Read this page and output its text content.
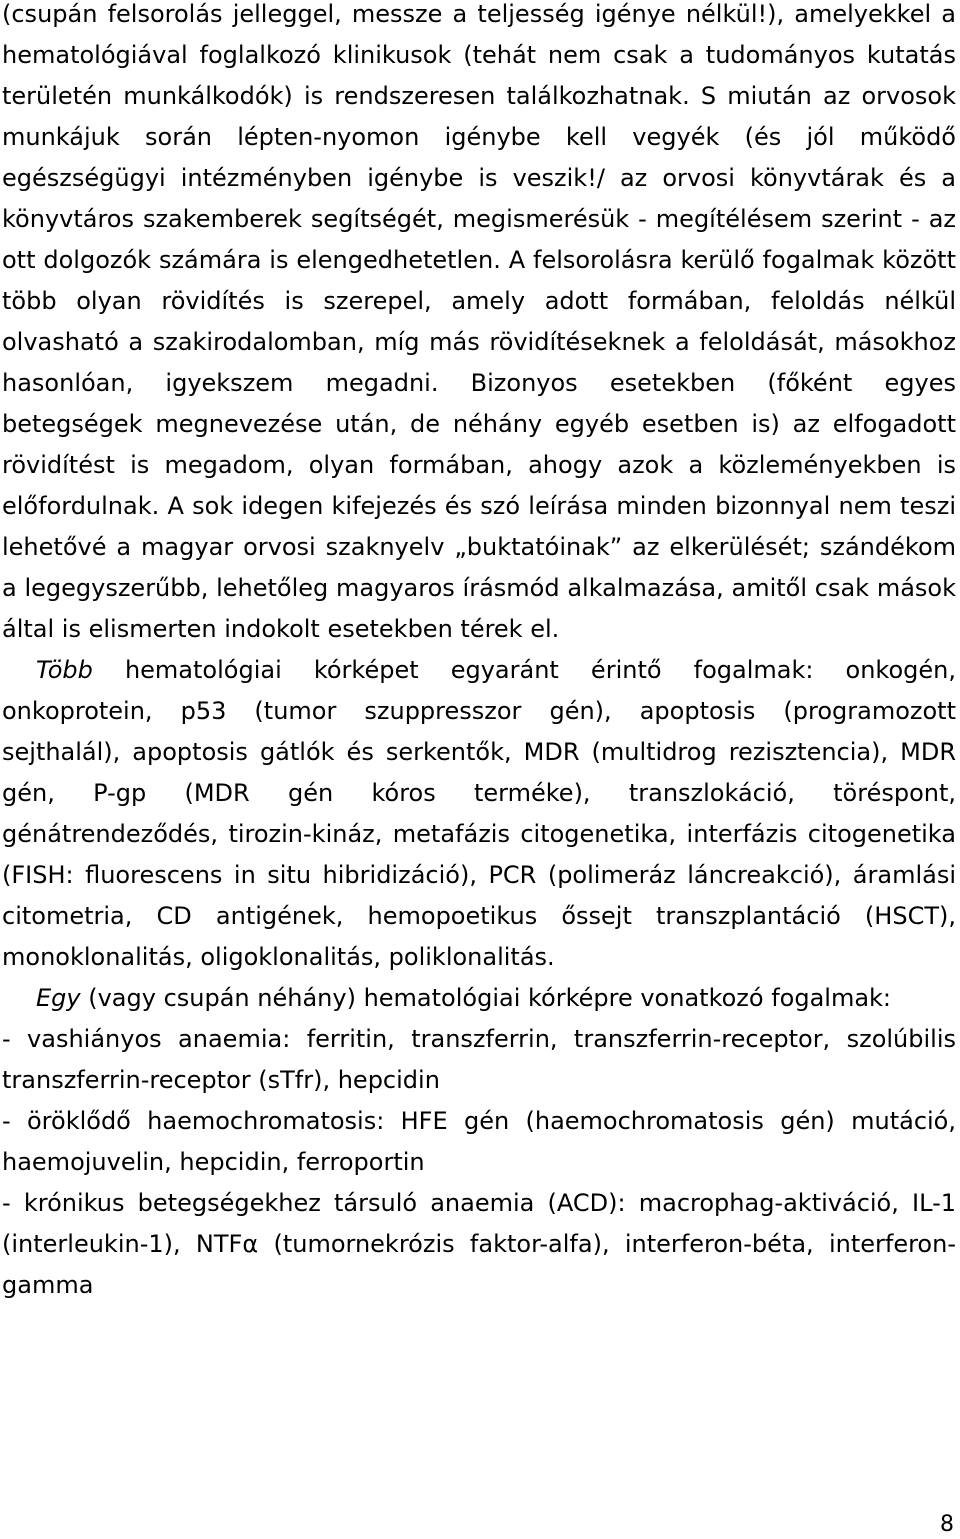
(csupán felsorolás jelleggel, messze a teljesség igénye nélkül!), amelyekkel a hematológiával foglalkozó klinikusok (tehát nem csak a tudományos kutatás területén munkálkodók) is rendszeresen találkozhatnak. S miután az orvosok munkájuk során lépten-nyomon igénybe kell vegyék (és jól működő egészségügyi intézményben igénybe is veszik!/ az orvosi könyvtárak és a könyvtáros szakemberek segítségét, megismerésük - megítélésem szerint - az ott dolgozók számára is elengedhetetlen. A felsorolásra kerülő fogalmak között több olyan rövidítés is szerepel, amely adott formában, feloldás nélkül olvasható a szakirodalomban, míg más rövidítéseknek a feloldását, másokhoz hasonlóan, igyekszem megadni. Bizonyos esetekben (főként egyes betegségek megnevezése után, de néhány egyéb esetben is) az elfogadott rövidítést is megadom, olyan formában, ahogy azok a közleményekben is előfordulnak. A sok idegen kifejezés és szó leírása minden bizonnyal nem teszi lehetővé a magyar orvosi szaknyelv „buktatóinak” az elkerülését; szándékom a legegyszerűbb, lehetőleg magyaros írásmód alkalmazása, amitől csak mások által is elismerten indokolt esetekben térek el.

Több hematológiai kórképet egyaránt érintő fogalmak: onkogén, onkoprotein, p53 (tumor szuppresszor gén), apoptosis (programozott sejthalál), apoptosis gátlók és serkentők, MDR (multidrog rezisztencia), MDR gén, P-gp (MDR gén kóros terméke), transzlokáció, töréspont, génátrendeződés, tirozin-kináz, metafázis citogenetika, interfázis citogenetika (FISH: fluorescens in situ hibridizáció), PCR (polimeráz láncreakció), áramlási citometria, CD antigének, hemopoetikus őssejt transzplantáció (HSCT), monoklonalitás, oligoklonalitás, poliklonalitás.

Egy (vagy csupán néhány) hematológiai kórképre vonatkozó fogalmak:

- vashiányos anaemia: ferritin, transzferrin, transzferrin-receptor, szolúbilis transzferrin-receptor (sTfr), hepcidin

- öröklődő haemochromatosis: HFE gén (haemochromatosis gén) mutáció, haemojuvelin, hepcidin, ferroportin

- krónikus betegségekhez társuló anaemia (ACD): macrophag-aktiváció, IL-1 (interleukin-1), NTFα (tumornekrózis faktor-alfa), interferon-béta, interferon-gamma

8
